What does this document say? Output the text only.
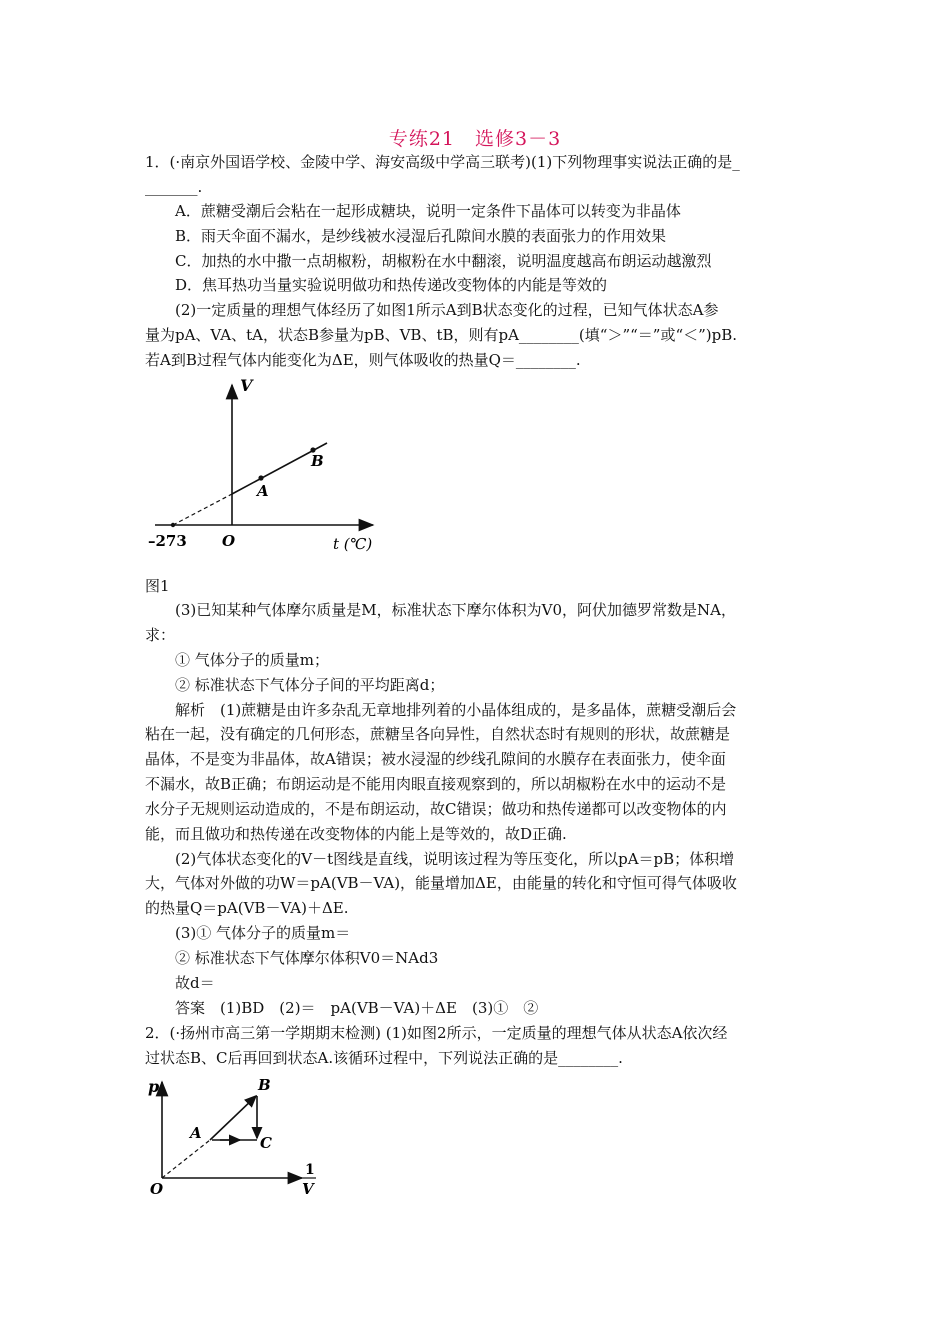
专练21　选修3－3
1．(·南京外国语学校、金陵中学、海安高级中学高三联考)(1)下列物理事实说法正确的是_
_______.
A．蔗糖受潮后会粘在一起形成糖块，说明一定条件下晶体可以转变为非晶体
B．雨天伞面不漏水，是纱线被水浸湿后孔隙间水膜的表面张力的作用效果
C．加热的水中撒一点胡椒粉，胡椒粉在水中翻滚，说明温度越高布朗运动越激烈
D．焦耳热功当量实验说明做功和热传递改变物体的内能是等效的
(2)一定质量的理想气体经历了如图1所示A到B状态变化的过程，已知气体状态A参
量为pA、VA、tA，状态B参量为pB、VB、tB，则有pA________(填“＞”“＝”或“＜”)pB.
若A到B过程气体内能变化为ΔE，则气体吸收的热量Q＝________.
V
A
B
–273 O	t (℃)
图1
(3)已知某种气体摩尔质量是M，标准状态下摩尔体积为V0，阿伏加德罗常数是NA，
求：
① 气体分子的质量m；
② 标准状态下气体分子间的平均距离d；
解析　(1)蔗糖是由许多杂乱无章地排列着的小晶体组成的，是多晶体，蔗糖受潮后会
粘在一起，没有确定的几何形态，蔗糖呈各向异性，自然状态时有规则的形状，故蔗糖是
晶体，不是变为非晶体，故A错误；被水浸湿的纱线孔隙间的水膜存在表面张力，使伞面
不漏水，故B正确；布朗运动是不能用肉眼直接观察到的，所以胡椒粉在水中的运动不是
水分子无规则运动造成的，不是布朗运动，故C错误；做功和热传递都可以改变物体的内
能，而且做功和热传递在改变物体的内能上是等效的，故D正确.
(2)气体状态变化的V－t图线是直线，说明该过程为等压变化，所以pA＝pB；体积增
大，气体对外做的功W＝pA(VB－VA)，能量增加ΔE，由能量的转化和守恒可得气体吸收
的热量Q＝pA(VB－VA)＋ΔE.
(3)① 气体分子的质量m＝
② 标准状态下气体摩尔体积V0＝NAd3
故d＝
答案　(1)BD　(2)＝　pA(VB－VA)＋ΔE　(3)①　②
2．(·扬州市高三第一学期期末检测) (1)如图2所示，一定质量的理想气体从状态A依次经
过状态B、C后再回到状态A.该循环过程中，下列说法正确的是________.
p
A
B
C
O
1
V
